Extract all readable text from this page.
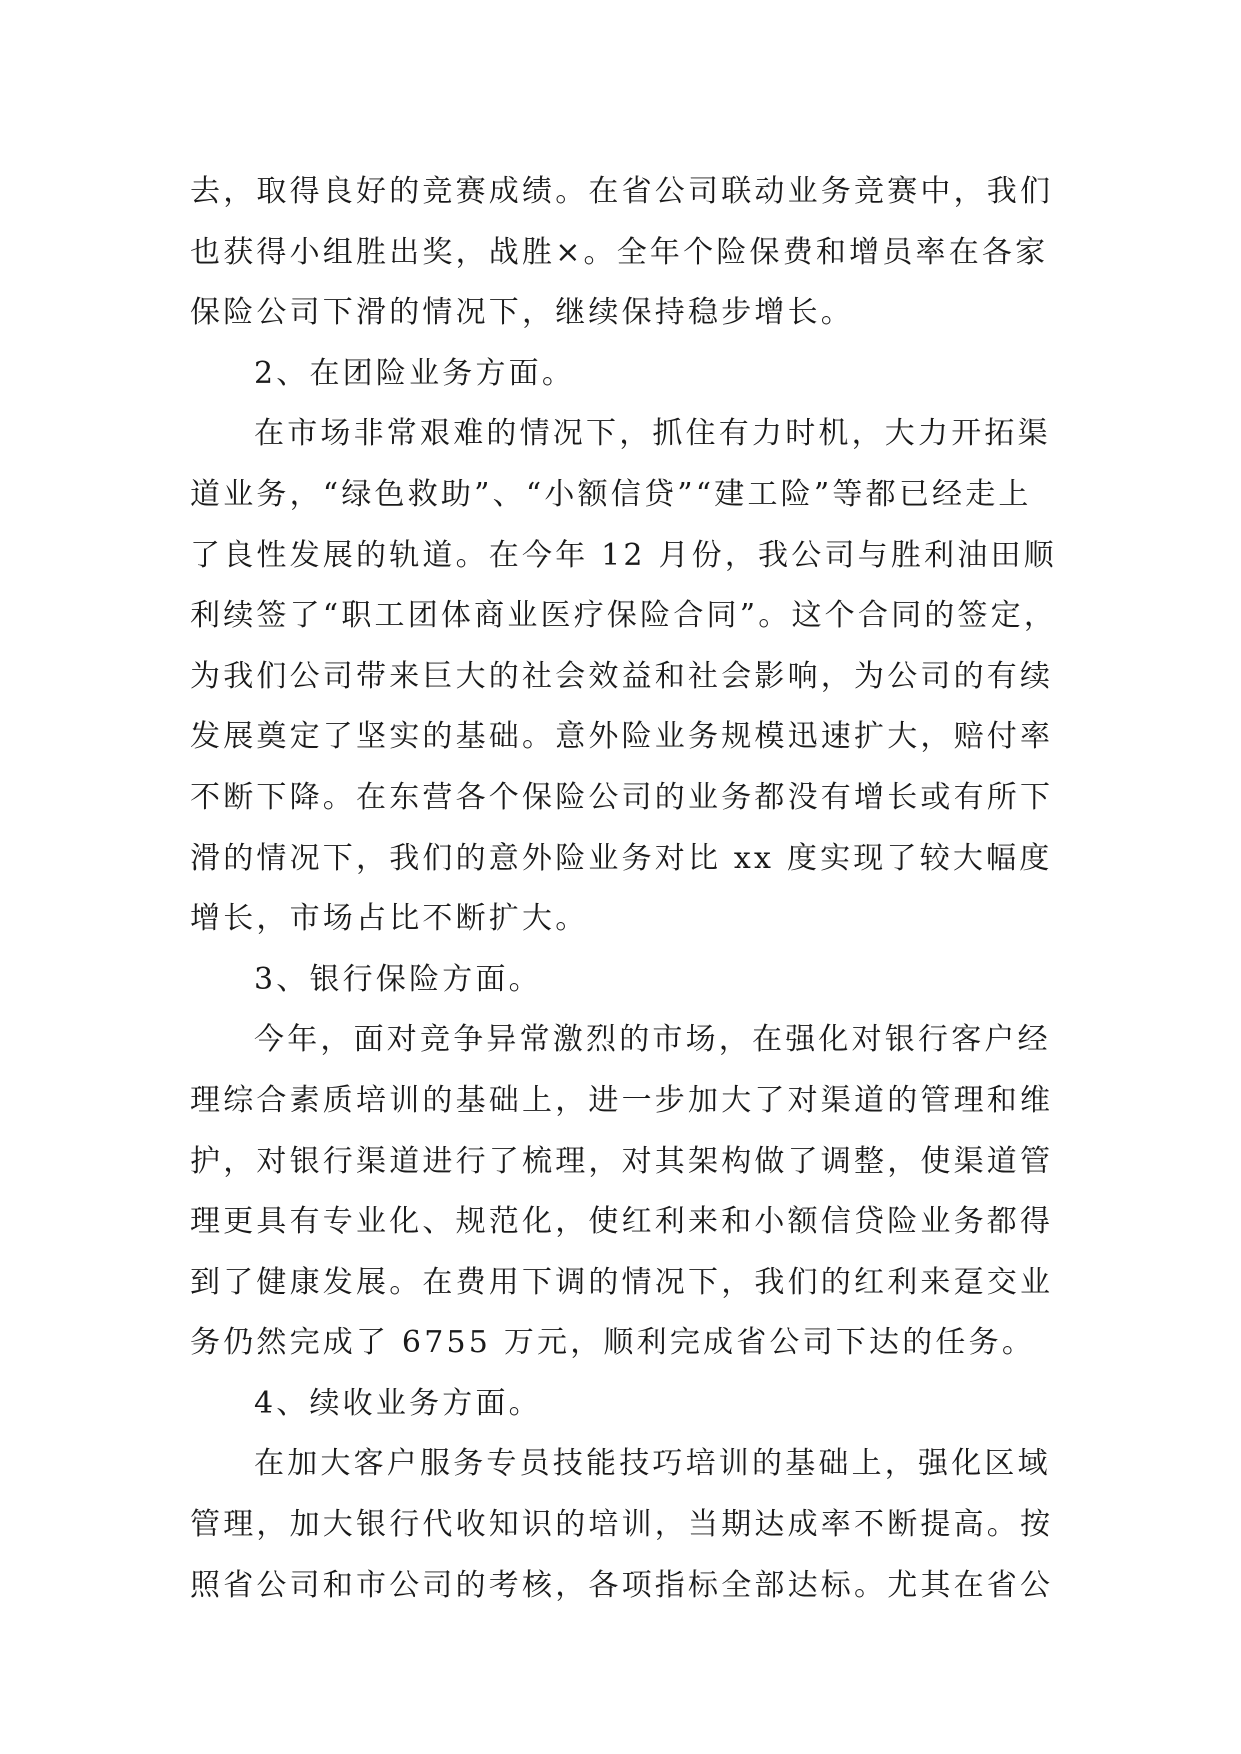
去，取得良好的竞赛成绩。在省公司联动业务竞赛中，我们
也获得小组胜出奖，战胜×。全年个险保费和增员率在各家
保险公司下滑的情况下，继续保持稳步增长。
2、在团险业务方面。
在市场非常艰难的情况下，抓住有力时机，大力开拓渠
道业务，“绿色救助”、“小额信贷”“建工险”等都已经走上
了良性发展的轨道。在今年 12 月份，我公司与胜利油田顺
利续签了“职工团体商业医疗保险合同”。这个合同的签定，
为我们公司带来巨大的社会效益和社会影响，为公司的有续
发展奠定了坚实的基础。意外险业务规模迅速扩大，赔付率
不断下降。在东营各个保险公司的业务都没有增长或有所下
滑的情况下，我们的意外险业务对比 xx 度实现了较大幅度
增长，市场占比不断扩大。
3、银行保险方面。
今年，面对竞争异常激烈的市场，在强化对银行客户经
理综合素质培训的基础上，进一步加大了对渠道的管理和维
护，对银行渠道进行了梳理，对其架构做了调整，使渠道管
理更具有专业化、规范化，使红利来和小额信贷险业务都得
到了健康发展。在费用下调的情况下，我们的红利来趸交业
务仍然完成了 6755 万元，顺利完成省公司下达的任务。
4、续收业务方面。
在加大客户服务专员技能技巧培训的基础上，强化区域
管理，加大银行代收知识的培训，当期达成率不断提高。按
照省公司和市公司的考核，各项指标全部达标。尤其在省公
